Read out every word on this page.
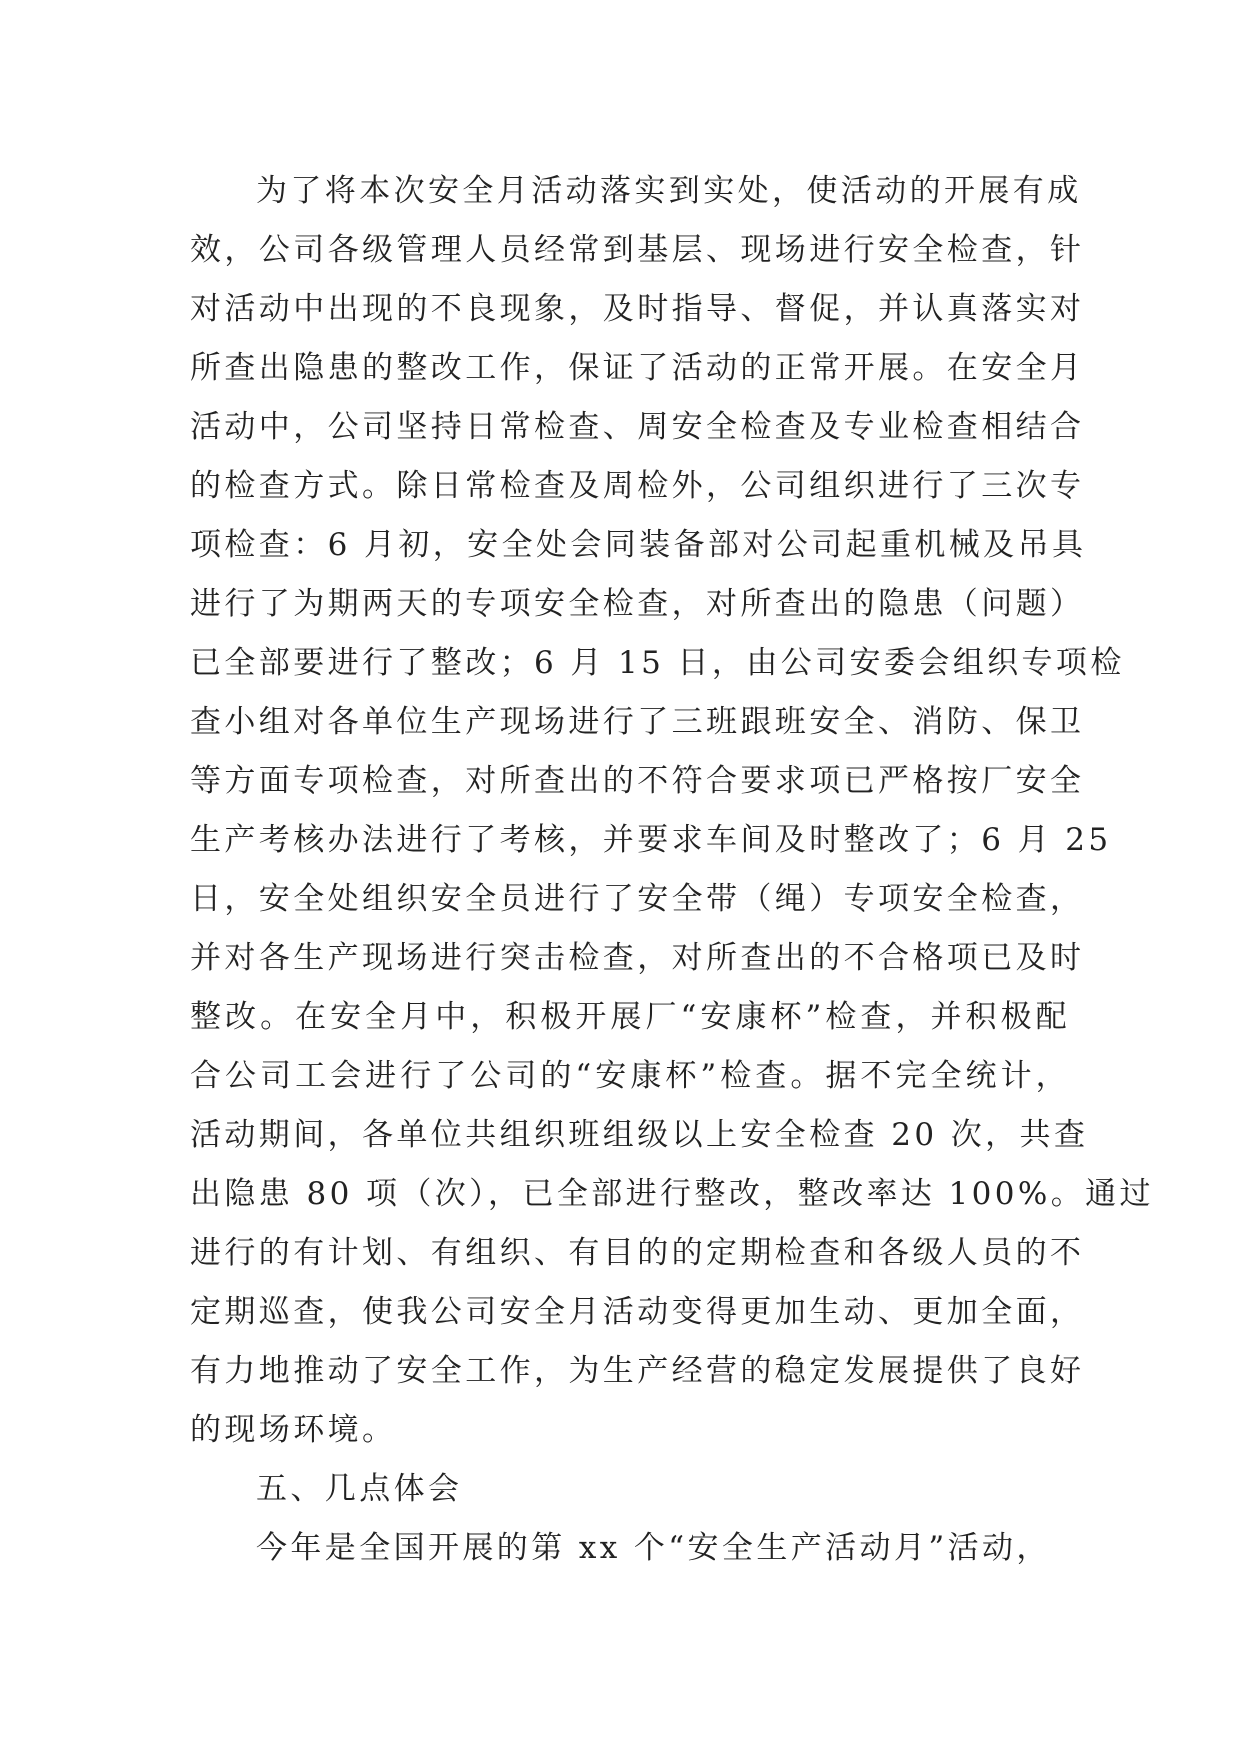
为了将本次安全月活动落实到实处，使活动的开展有成
效，公司各级管理人员经常到基层、现场进行安全检查，针
对活动中出现的不良现象，及时指导、督促，并认真落实对
所查出隐患的整改工作，保证了活动的正常开展。在安全月
活动中，公司坚持日常检查、周安全检查及专业检查相结合
的检查方式。除日常检查及周检外，公司组织进行了三次专
项检查：6 月初，安全处会同装备部对公司起重机械及吊具
进行了为期两天的专项安全检查，对所查出的隐患（问题）
已全部要进行了整改；6 月 15 日，由公司安委会组织专项检
查小组对各单位生产现场进行了三班跟班安全、消防、保卫
等方面专项检查，对所查出的不符合要求项已严格按厂安全
生产考核办法进行了考核，并要求车间及时整改了；6 月 25
日，安全处组织安全员进行了安全带（绳）专项安全检查，
并对各生产现场进行突击检查，对所查出的不合格项已及时
整改。在安全月中，积极开展厂“安康杯”检查，并积极配
合公司工会进行了公司的“安康杯”检查。据不完全统计，
活动期间，各单位共组织班组级以上安全检查 20 次，共查
出隐患 80 项（次），已全部进行整改，整改率达 100%。通过
进行的有计划、有组织、有目的的定期检查和各级人员的不
定期巡查，使我公司安全月活动变得更加生动、更加全面，
有力地推动了安全工作，为生产经营的稳定发展提供了良好
的现场环境。
五、几点体会
今年是全国开展的第 xx 个“安全生产活动月”活动，
